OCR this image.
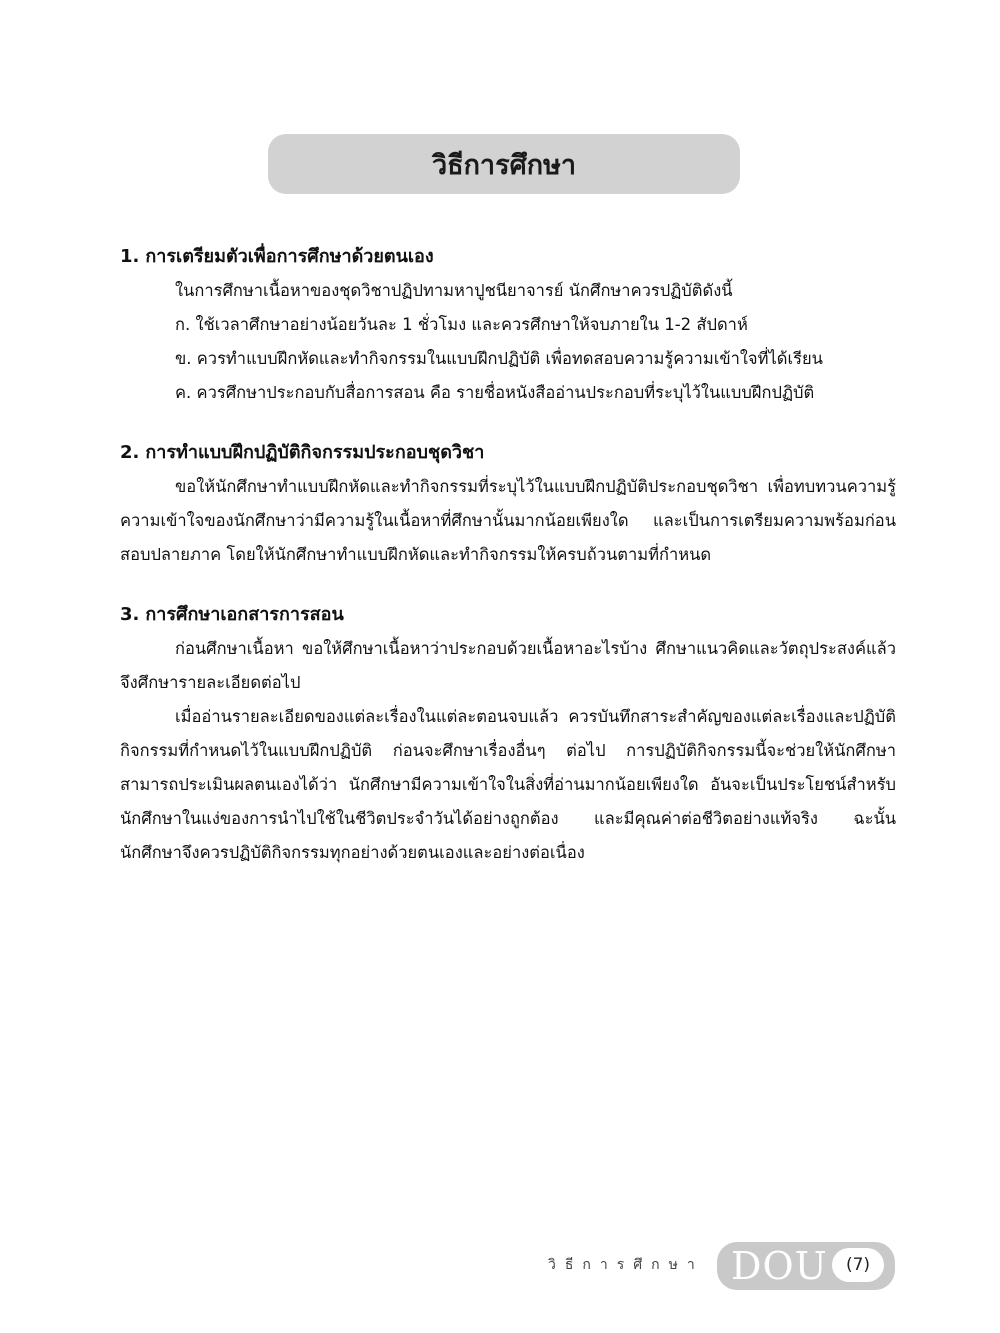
วิธีการศึกษา
1. การเตรียมตัวเพื่อการศึกษาด้วยตนเอง
ในการศึกษาเนื้อหาของชุดวิชาปฏิปทามหาปูชนียาจารย์ นักศึกษาควรปฏิบัติดังนี้
ก. ใช้เวลาศึกษาอย่างน้อยวันละ 1 ชั่วโมง และควรศึกษาให้จบภายใน 1-2 สัปดาห์
ข. ควรทำแบบฝึกหัดและทำกิจกรรมในแบบฝึกปฏิบัติ เพื่อทดสอบความรู้ความเข้าใจที่ได้เรียน
ค. ควรศึกษาประกอบกับสื่อการสอน คือ รายชื่อหนังสืออ่านประกอบที่ระบุไว้ในแบบฝึกปฏิบัติ
2. การทำแบบฝึกปฏิบัติกิจกรรมประกอบชุดวิชา
ขอให้นักศึกษาทำแบบฝึกหัดและทำกิจกรรมที่ระบุไว้ในแบบฝึกปฏิบัติประกอบชุดวิชา เพื่อทบทวนความรู้ ความเข้าใจของนักศึกษาว่ามีความรู้ในเนื้อหาที่ศึกษานั้นมากน้อยเพียงใด และเป็นการเตรียมความพร้อมก่อนสอบปลายภาค โดยให้นักศึกษาทำแบบฝึกหัดและทำกิจกรรมให้ครบถ้วนตามที่กำหนด
3. การศึกษาเอกสารการสอน
ก่อนศึกษาเนื้อหา ขอให้ศึกษาเนื้อหาว่าประกอบด้วยเนื้อหาอะไรบ้าง ศึกษาแนวคิดและวัตถุประสงค์แล้วจึงศึกษารายละเอียดต่อไป
เมื่ออ่านรายละเอียดของแต่ละเรื่องในแต่ละตอนจบแล้ว ควรบันทึกสาระสำคัญของแต่ละเรื่องและปฏิบัติกิจกรรมที่กำหนดไว้ในแบบฝึกปฏิบัติ ก่อนจะศึกษาเรื่องอื่นๆ ต่อไป การปฏิบัติกิจกรรมนี้จะช่วยให้นักศึกษาสามารถประเมินผลตนเองได้ว่า นักศึกษามีความเข้าใจในสิ่งที่อ่านมากน้อยเพียงใด อันจะเป็นประโยชน์สำหรับนักศึกษาในแง่ของการนำไปใช้ในชีวิตประจำวันได้อย่างถูกต้อง และมีคุณค่าต่อชีวิตอย่างแท้จริง ฉะนั้นนักศึกษาจึงควรปฏิบัติกิจกรรมทุกอย่างด้วยตนเองและอย่างต่อเนื่อง
วิธีการศึกษา DOU	(7)
